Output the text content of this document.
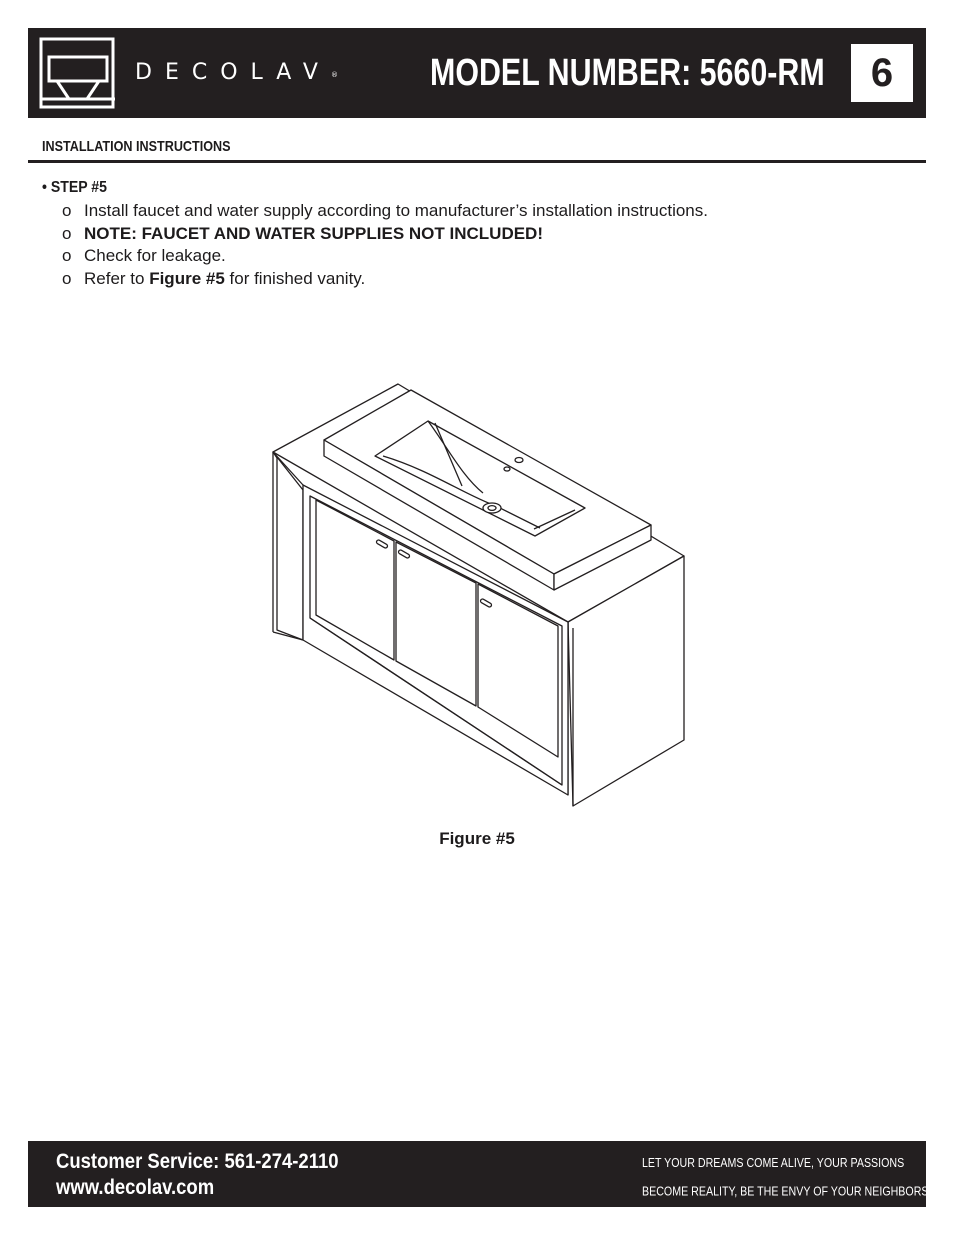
DECOLAV® MODEL NUMBER: 5660-RM	6
INSTALLATION INSTRUCTIONS
• STEP #5
o Install faucet and water supply according to manufacturer’s installation instructions.
o NOTE: FAUCET AND WATER SUPPLIES NOT INCLUDED!
o Check for leakage.
o Refer to Figure #5 for finished vanity.
Figure #5
Customer Service: 561-274-2110
www.decolav.com
LET YOUR DREAMS COME ALIVE, YOUR PASSIONS
BECOME REALITY, BE THE ENVY OF YOUR NEIGHBORS®
